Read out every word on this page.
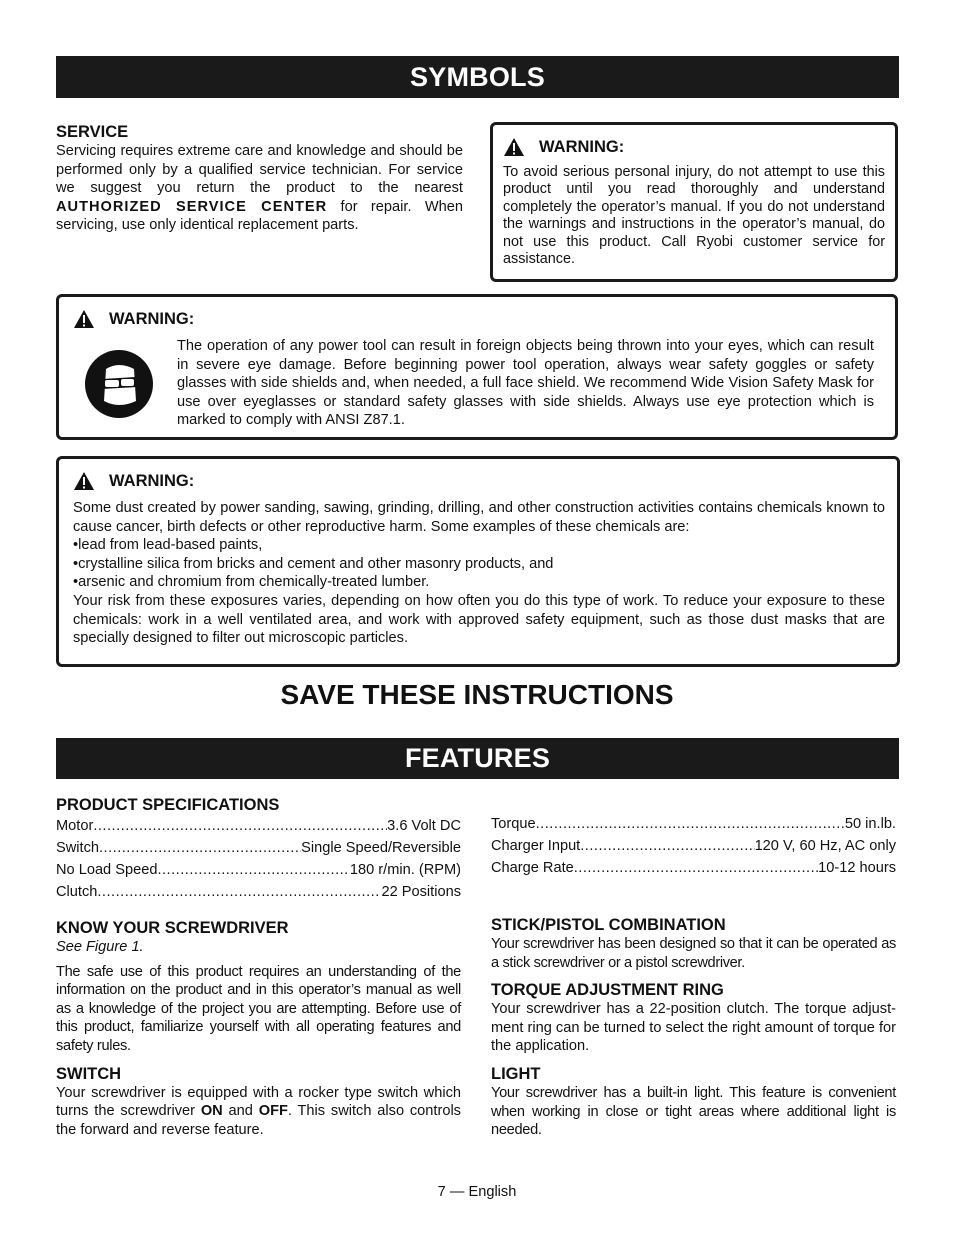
SYMBOLS

SERVICE

Servicing requires extreme care and knowledge and should be performed only by a qualified service technician. For service we suggest you return the product to the nearest AUTHORIZED SERVICE CENTER for repair. When servicing, use only identical replacement parts.

WARNING:

To avoid serious personal injury, do not attempt to use this product until you read thoroughly and understand completely the operator’s manual. If you do not understand the warnings and instructions in the operator’s manual, do not use this product. Call Ryobi customer service for assistance.

WARNING:

The operation of any power tool can result in foreign objects being thrown into your eyes, which can result in severe eye damage. Before beginning power tool operation, always wear safety goggles or safety glasses with side shields and, when needed, a full face shield. We recommend Wide Vision Safety Mask for use over eyeglasses or standard safety glasses with side shields. Always use eye protection which is marked to comply with ANSI Z87.1.

WARNING:

Some dust created by power sanding, sawing, grinding, drilling, and other construction activities contains chemicals known to cause cancer, birth defects or other reproductive harm. Some examples of these chemicals are:

• lead from lead-based paints,
• crystalline silica from bricks and cement and other masonry products, and
• arsenic and chromium from chemically-treated lumber.

Your risk from these exposures varies, depending on how often you do this type of work. To reduce your exposure to these chemicals: work in a well ventilated area, and work with approved safety equipment, such as those dust masks that are specially designed to filter out microscopic particles.

SAVE THESE INSTRUCTIONS
FEATURES

PRODUCT SPECIFICATIONS

Motor .....	3.6 Volt DC
Switch .....	Single Speed/Reversible
No Load Speed .....	180 r/min. (RPM)
Clutch .....	22 Positions
Torque .....	50 in.lb.
Charger Input .....	120 V, 60 Hz, AC only
Charge Rate .....	10-12 hours

KNOW YOUR SCREWDRIVER

See Figure 1.

The safe use of this product requires an understanding of the information on the product and in this operator’s manual as well as a knowledge of the project you are attempting. Before use of this product, familiarize yourself with all operating features and safety rules.

SWITCH

Your screwdriver is equipped with a rocker type switch which turns the screwdriver ON and OFF. This switch also controls the forward and reverse feature.

STICK/PISTOL COMBINATION

Your screwdriver has been designed so that it can be operated as a stick screwdriver or a pistol screwdriver.

TORQUE ADJUSTMENT RING

Your screwdriver has a 22-position clutch. The torque adjust-ment ring can be turned to select the right amount of torque for the application.

LIGHT

Your screwdriver has a built-in light. This feature is convenient when working in close or tight areas where additional light is needed.

7 — English
